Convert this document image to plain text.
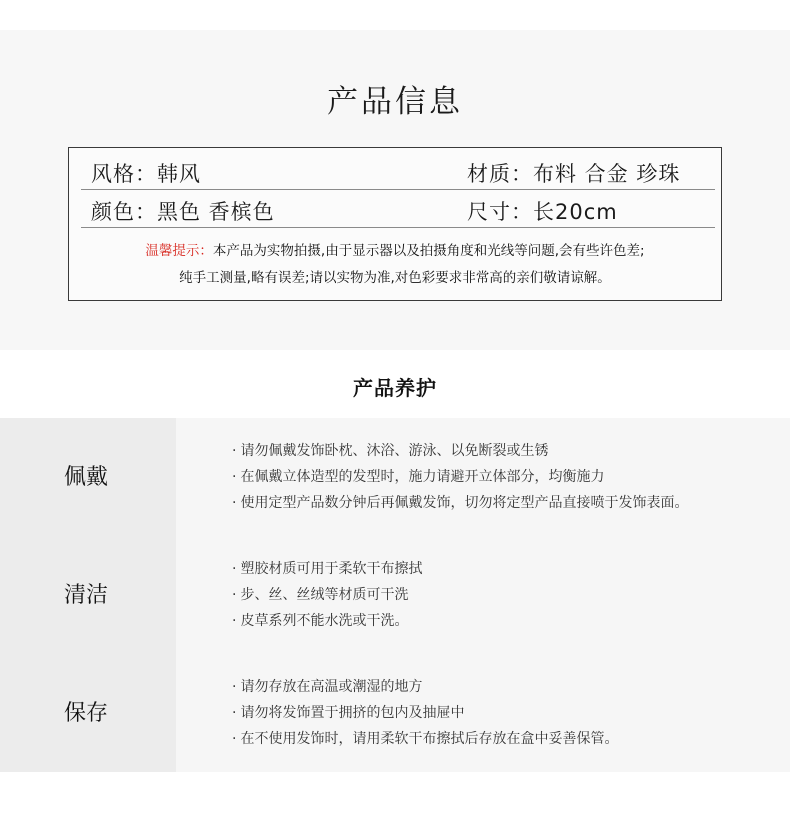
产品信息
风格：韩风	材质：布料 合金 珍珠
颜色：黑色 香槟色	尺寸：长20cm
温馨提示：本产品为实物拍摄,由于显示器以及拍摄角度和光线等问题,会有些许色差;
纯手工测量,略有误差;请以实物为准,对色彩要求非常高的亲们敬请谅解。
产品养护
佩戴
· 请勿佩戴发饰卧枕、沐浴、游泳、以免断裂或生锈
· 在佩戴立体造型的发型时，施力请避开立体部分，均衡施力
· 使用定型产品数分钟后再佩戴发饰，切勿将定型产品直接喷于发饰表面。
清洁
· 塑胶材质可用于柔软干布擦拭
· 步、丝、丝绒等材质可干洗
· 皮草系列不能水洗或干洗。
保存
· 请勿存放在高温或潮湿的地方
· 请勿将发饰置于拥挤的包内及抽屉中
· 在不使用发饰时，请用柔软干布擦拭后存放在盒中妥善保管。
